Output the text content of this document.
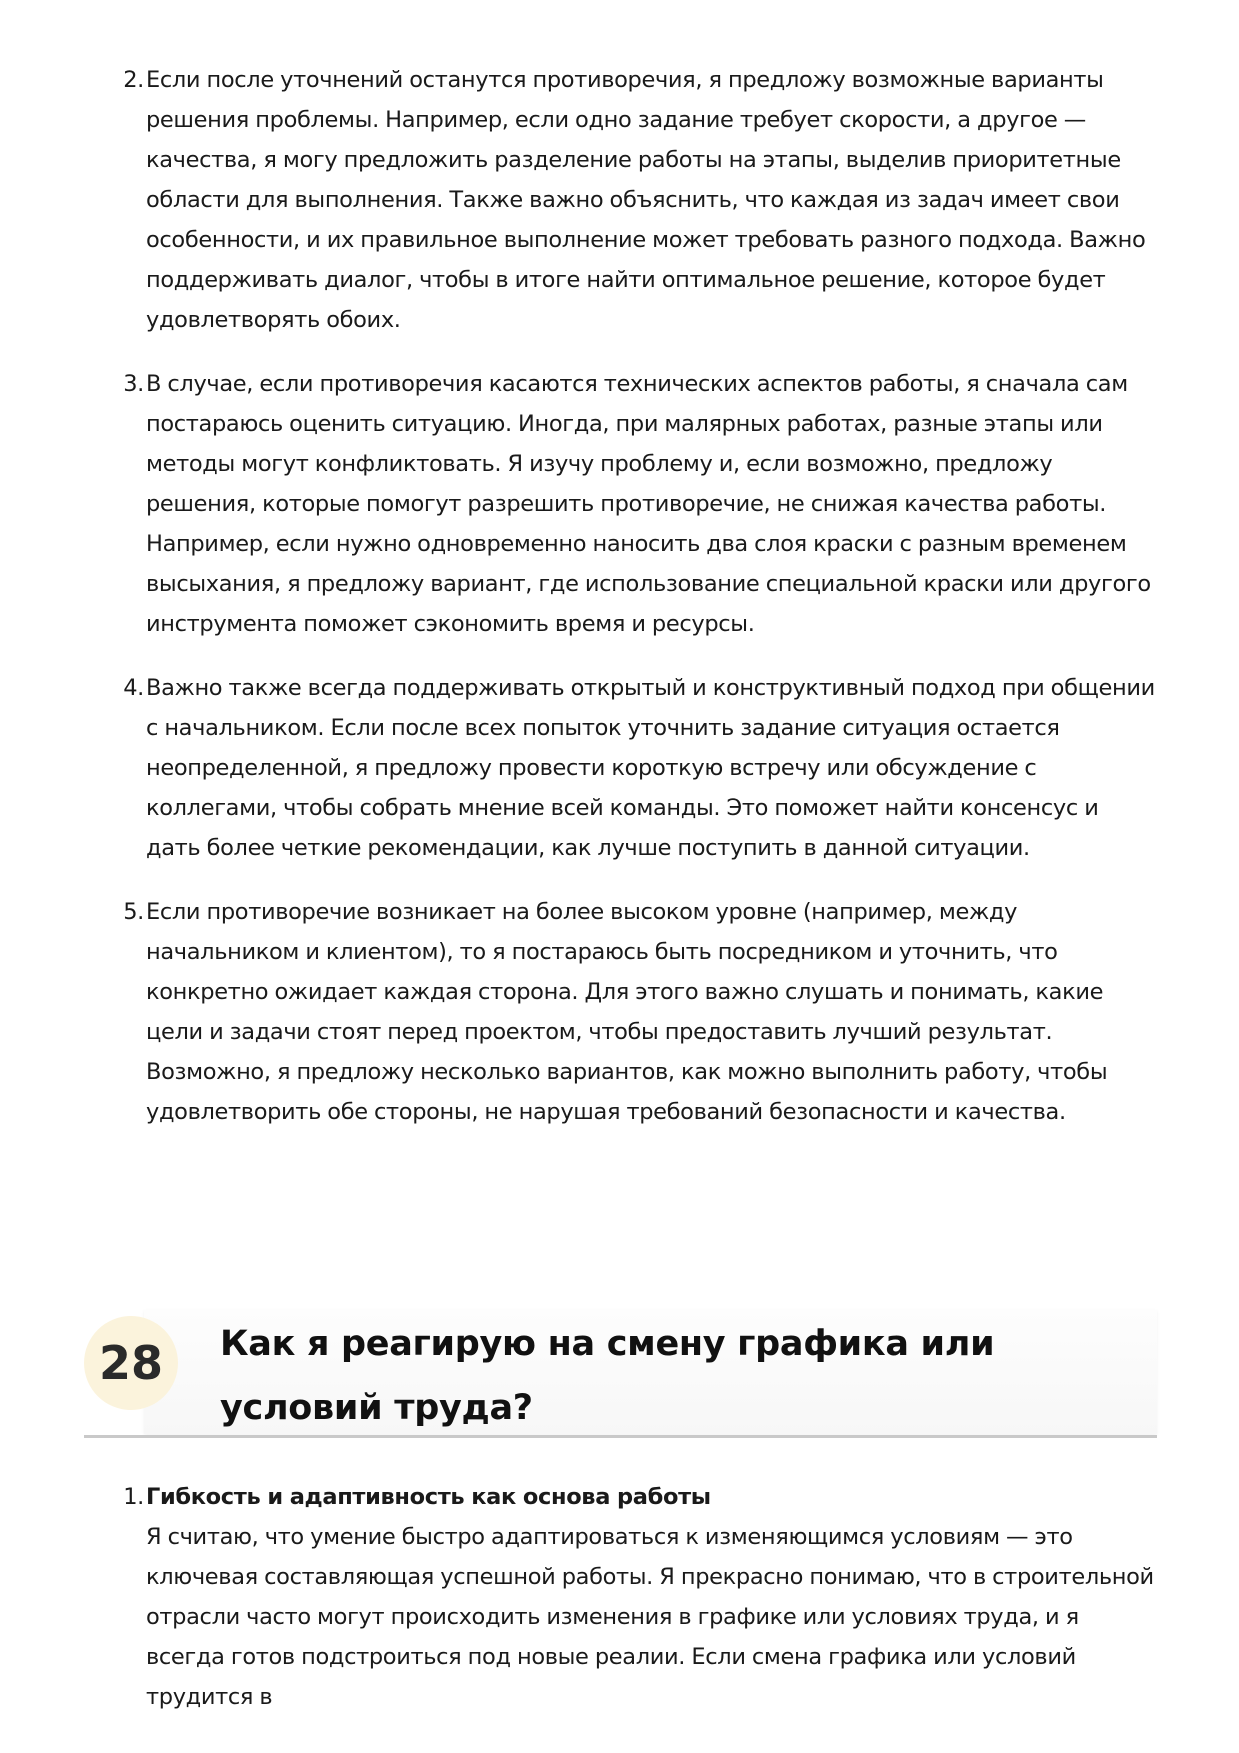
2. Если после уточнений останутся противоречия, я предложу возможные варианты решения проблемы. Например, если одно задание требует скорости, а другое — качества, я могу предложить разделение работы на этапы, выделив приоритетные области для выполнения. Также важно объяснить, что каждая из задач имеет свои особенности, и их правильное выполнение может требовать разного подхода. Важно поддерживать диалог, чтобы в итоге найти оптимальное решение, которое будет удовлетворять обоих.
3. В случае, если противоречия касаются технических аспектов работы, я сначала сам постараюсь оценить ситуацию. Иногда, при малярных работах, разные этапы или методы могут конфликтовать. Я изучу проблему и, если возможно, предложу решения, которые помогут разрешить противоречие, не снижая качества работы. Например, если нужно одновременно наносить два слоя краски с разным временем высыхания, я предложу вариант, где использование специальной краски или другого инструмента поможет сэкономить время и ресурсы.
4. Важно также всегда поддерживать открытый и конструктивный подход при общении с начальником. Если после всех попыток уточнить задание ситуация остается неопределенной, я предложу провести короткую встречу или обсуждение с коллегами, чтобы собрать мнение всей команды. Это поможет найти консенсус и дать более четкие рекомендации, как лучше поступить в данной ситуации.
5. Если противоречие возникает на более высоком уровне (например, между начальником и клиентом), то я постараюсь быть посредником и уточнить, что конкретно ожидает каждая сторона. Для этого важно слушать и понимать, какие цели и задачи стоят перед проектом, чтобы предоставить лучший результат. Возможно, я предложу несколько вариантов, как можно выполнить работу, чтобы удовлетворить обе стороны, не нарушая требований безопасности и качества.
28	Как я реагирую на смену графика или условий труда?
1. Гибкость и адаптивность как основа работы
Я считаю, что умение быстро адаптироваться к изменяющимся условиям — это ключевая составляющая успешной работы. Я прекрасно понимаю, что в строительной отрасли часто могут происходить изменения в графике или условиях труда, и я всегда готов подстроиться под новые реалии. Если смена графика или условий трудится в
